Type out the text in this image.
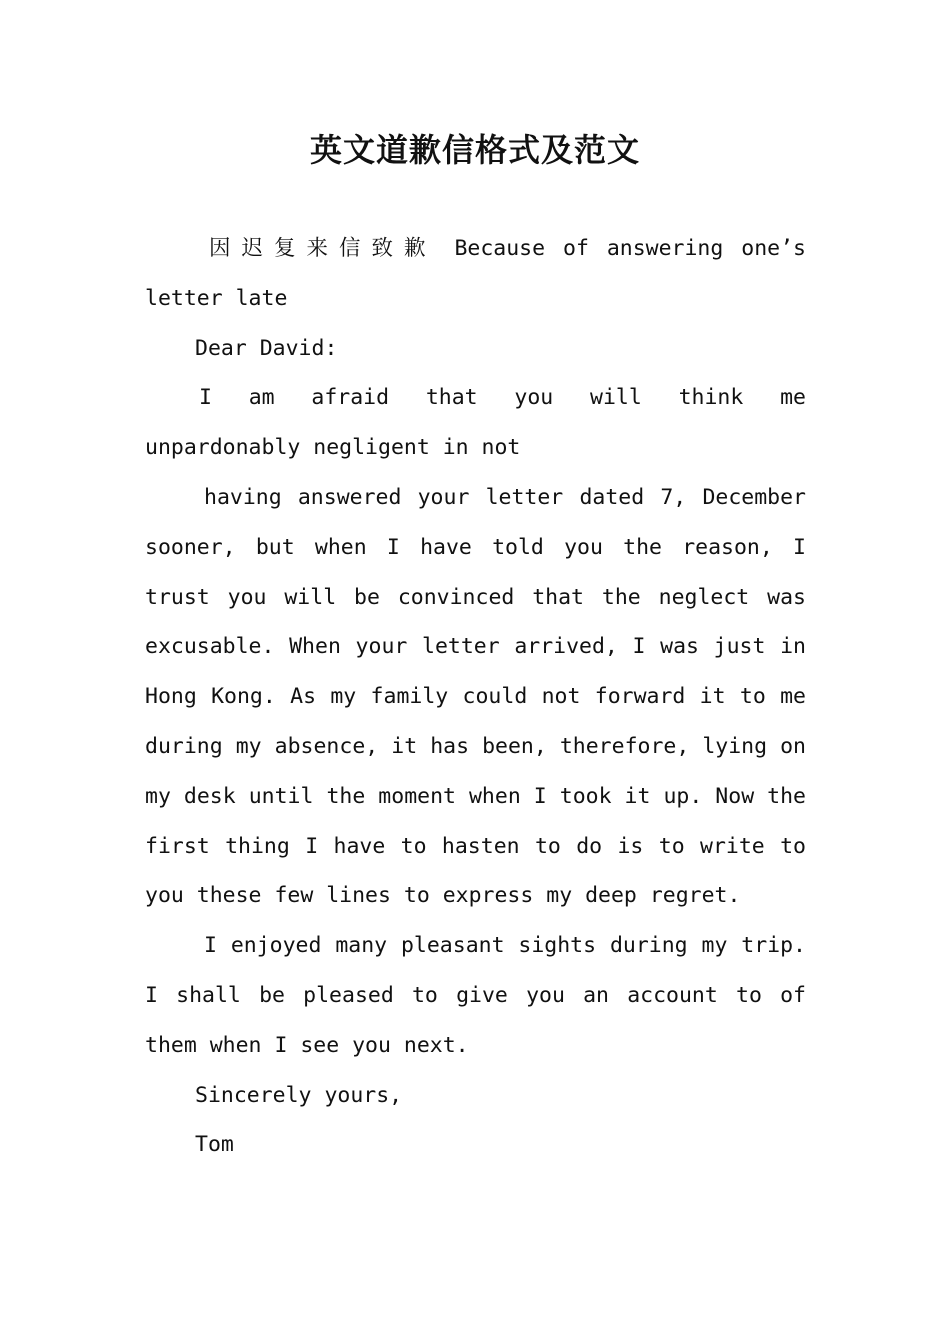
英文道歉信格式及范文

因迟复来信致歉 Because of answering one’s letter late

Dear David:

I am afraid that you will think me unpardonably negligent in not

having answered your letter dated 7, December sooner, but when I have told you the reason, I trust you will be convinced that the neglect was excusable. When your letter arrived, I was just in Hong Kong. As my family could not forward it to me during my absence, it has been, therefore, lying on my desk until the moment when I took it up. Now the first thing I have to hasten to do is to write to you these few lines to express my deep regret.

I enjoyed many pleasant sights during my trip. I shall be pleased to give you an account to of them when I see you next.

Sincerely yours,

Tom
